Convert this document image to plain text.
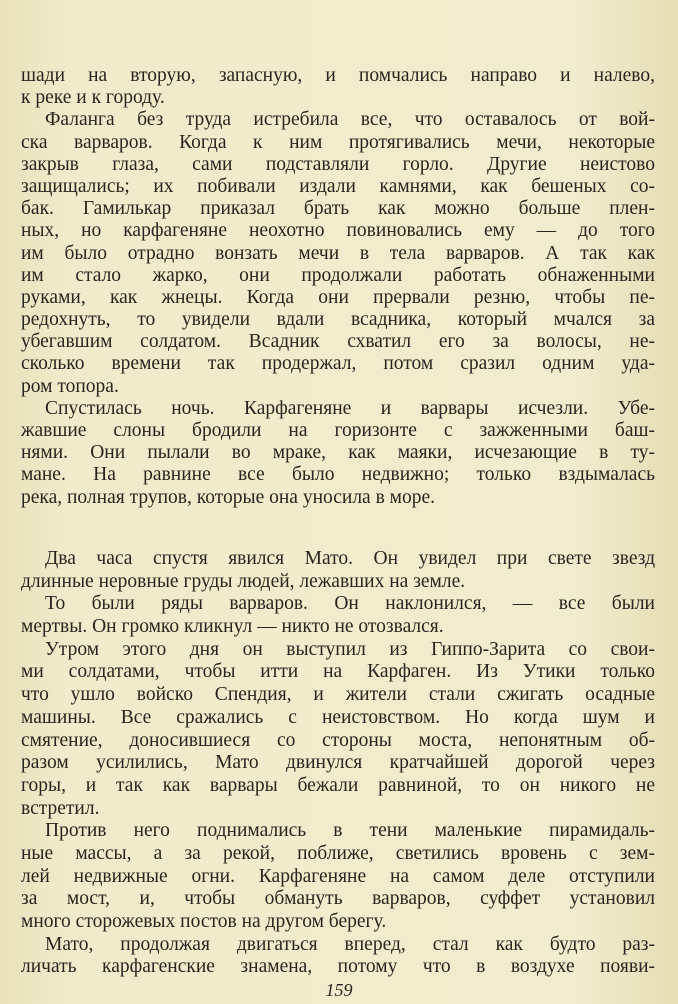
шади на вторую, запасную, и помчались направо и налево,
к реке и к городу.
Фаланга без труда истребила все, что оставалось от вой-
ска варваров. Когда к ним протягивались мечи, некоторые
закрыв глаза, сами подставляли горло. Другие неистово
защищались; их побивали издали камнями, как бешеных со-
бак. Гамилькар приказал брать как можно больше плен-
ных, но карфагеняне неохотно повиновались ему — до того
им было отрадно вонзать мечи в тела варваров. А так как
им стало жарко, они продолжали работать обнаженными
руками, как жнецы. Когда они прервали резню, чтобы пе-
редохнуть, то увидели вдали всадника, который мчался за
убегавшим солдатом. Всадник схватил его за волосы, не-
сколько времени так продержал, потом сразил одним уда-
ром топора.
Спустилась ночь. Карфагеняне и варвары исчезли. Убе-
жавшие слоны бродили на горизонте с зажженными баш-
нями. Они пылали во мраке, как маяки, исчезающие в ту-
мане. На равнине все было недвижно; только вздымалась
река, полная трупов, которые она уносила в море.
Два часа спустя явился Мато. Он увидел при свете звезд
длинные неровные груды людей, лежавших на земле.
То были ряды варваров. Он наклонился, — все были
мертвы. Он громко кликнул — никто не отозвался.
Утром этого дня он выступил из Гиппо-Зарита со свои-
ми солдатами, чтобы итти на Карфаген. Из Утики только
что ушло войско Спендия, и жители стали сжигать осадные
машины. Все сражались с неистовством. Но когда шум и
смятение, доносившиеся со стороны моста, непонятным об-
разом усилились, Мато двинулся кратчайшей дорогой через
горы, и так как варвары бежали равниной, то он никого не
встретил.
Против него поднимались в тени маленькие пирамидаль-
ные массы, а за рекой, поближе, светились вровень с зем-
лей недвижные огни. Карфагеняне на самом деле отступили
за мост, и, чтобы обмануть варваров, суффет установил
много сторожевых постов на другом берегу.
Мато, продолжая двигаться вперед, стал как будто раз-
личать карфагенские знамена, потому что в воздухе появи-
159
